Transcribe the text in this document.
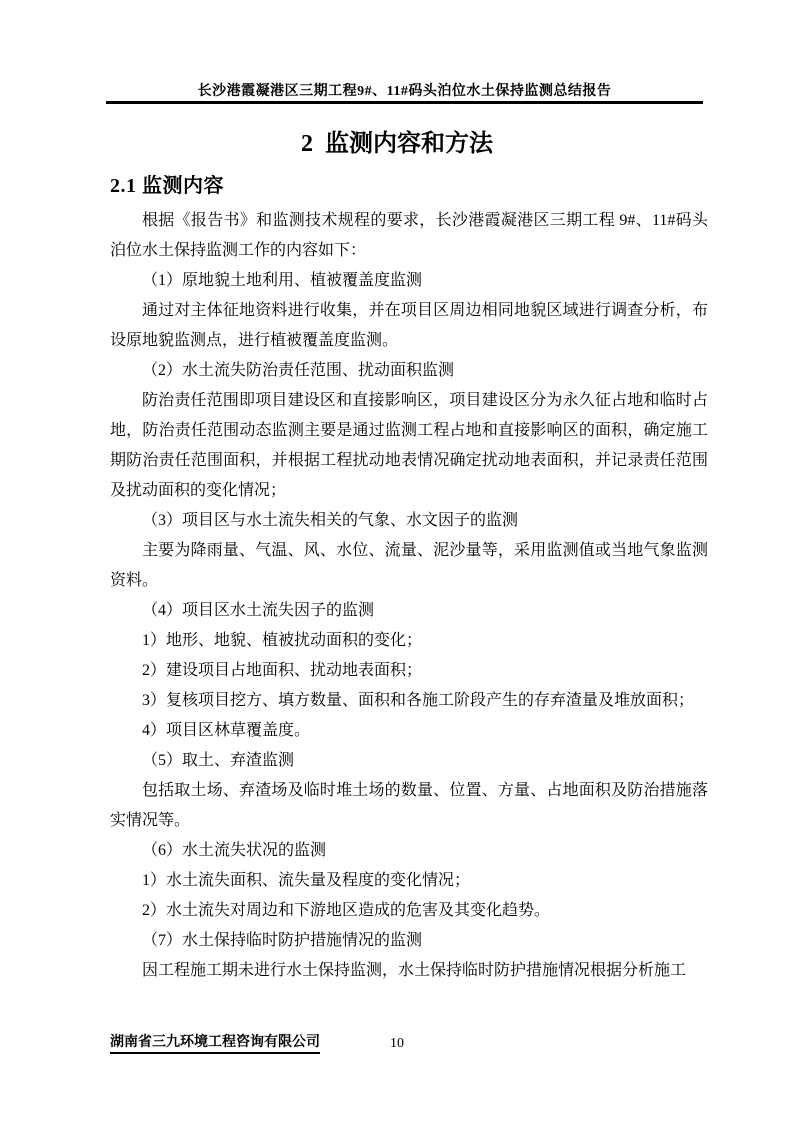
长沙港霞凝港区三期工程9#、11#码头泊位水土保持监测总结报告
2  监测内容和方法
2.1 监测内容

根据《报告书》和监测技术规程的要求，长沙港霞凝港区三期工程 9#、11#码头泊位水土保持监测工作的内容如下：

（1）原地貌土地利用、植被覆盖度监测

通过对主体征地资料进行收集，并在项目区周边相同地貌区域进行调查分析，布设原地貌监测点，进行植被覆盖度监测。

（2）水土流失防治责任范围、扰动面积监测

防治责任范围即项目建设区和直接影响区，项目建设区分为永久征占地和临时占地，防治责任范围动态监测主要是通过监测工程占地和直接影响区的面积，确定施工期防治责任范围面积，并根据工程扰动地表情况确定扰动地表面积，并记录责任范围及扰动面积的变化情况；

（3）项目区与水土流失相关的气象、水文因子的监测

主要为降雨量、气温、风、水位、流量、泥沙量等，采用监测值或当地气象监测资料。

（4）项目区水土流失因子的监测

1）地形、地貌、植被扰动面积的变化；

2）建设项目占地面积、扰动地表面积；

3）复核项目挖方、填方数量、面积和各施工阶段产生的存弃渣量及堆放面积；

4）项目区林草覆盖度。

（5）取土、弃渣监测

包括取土场、弃渣场及临时堆土场的数量、位置、方量、占地面积及防治措施落实情况等。

（6）水土流失状况的监测

1）水土流失面积、流失量及程度的变化情况；

2）水土流失对周边和下游地区造成的危害及其变化趋势。

（7）水土保持临时防护措施情况的监测

因工程施工期未进行水土保持监测，水土保持临时防护措施情况根据分析施工

湖南省三九环境工程咨询有限公司	10
